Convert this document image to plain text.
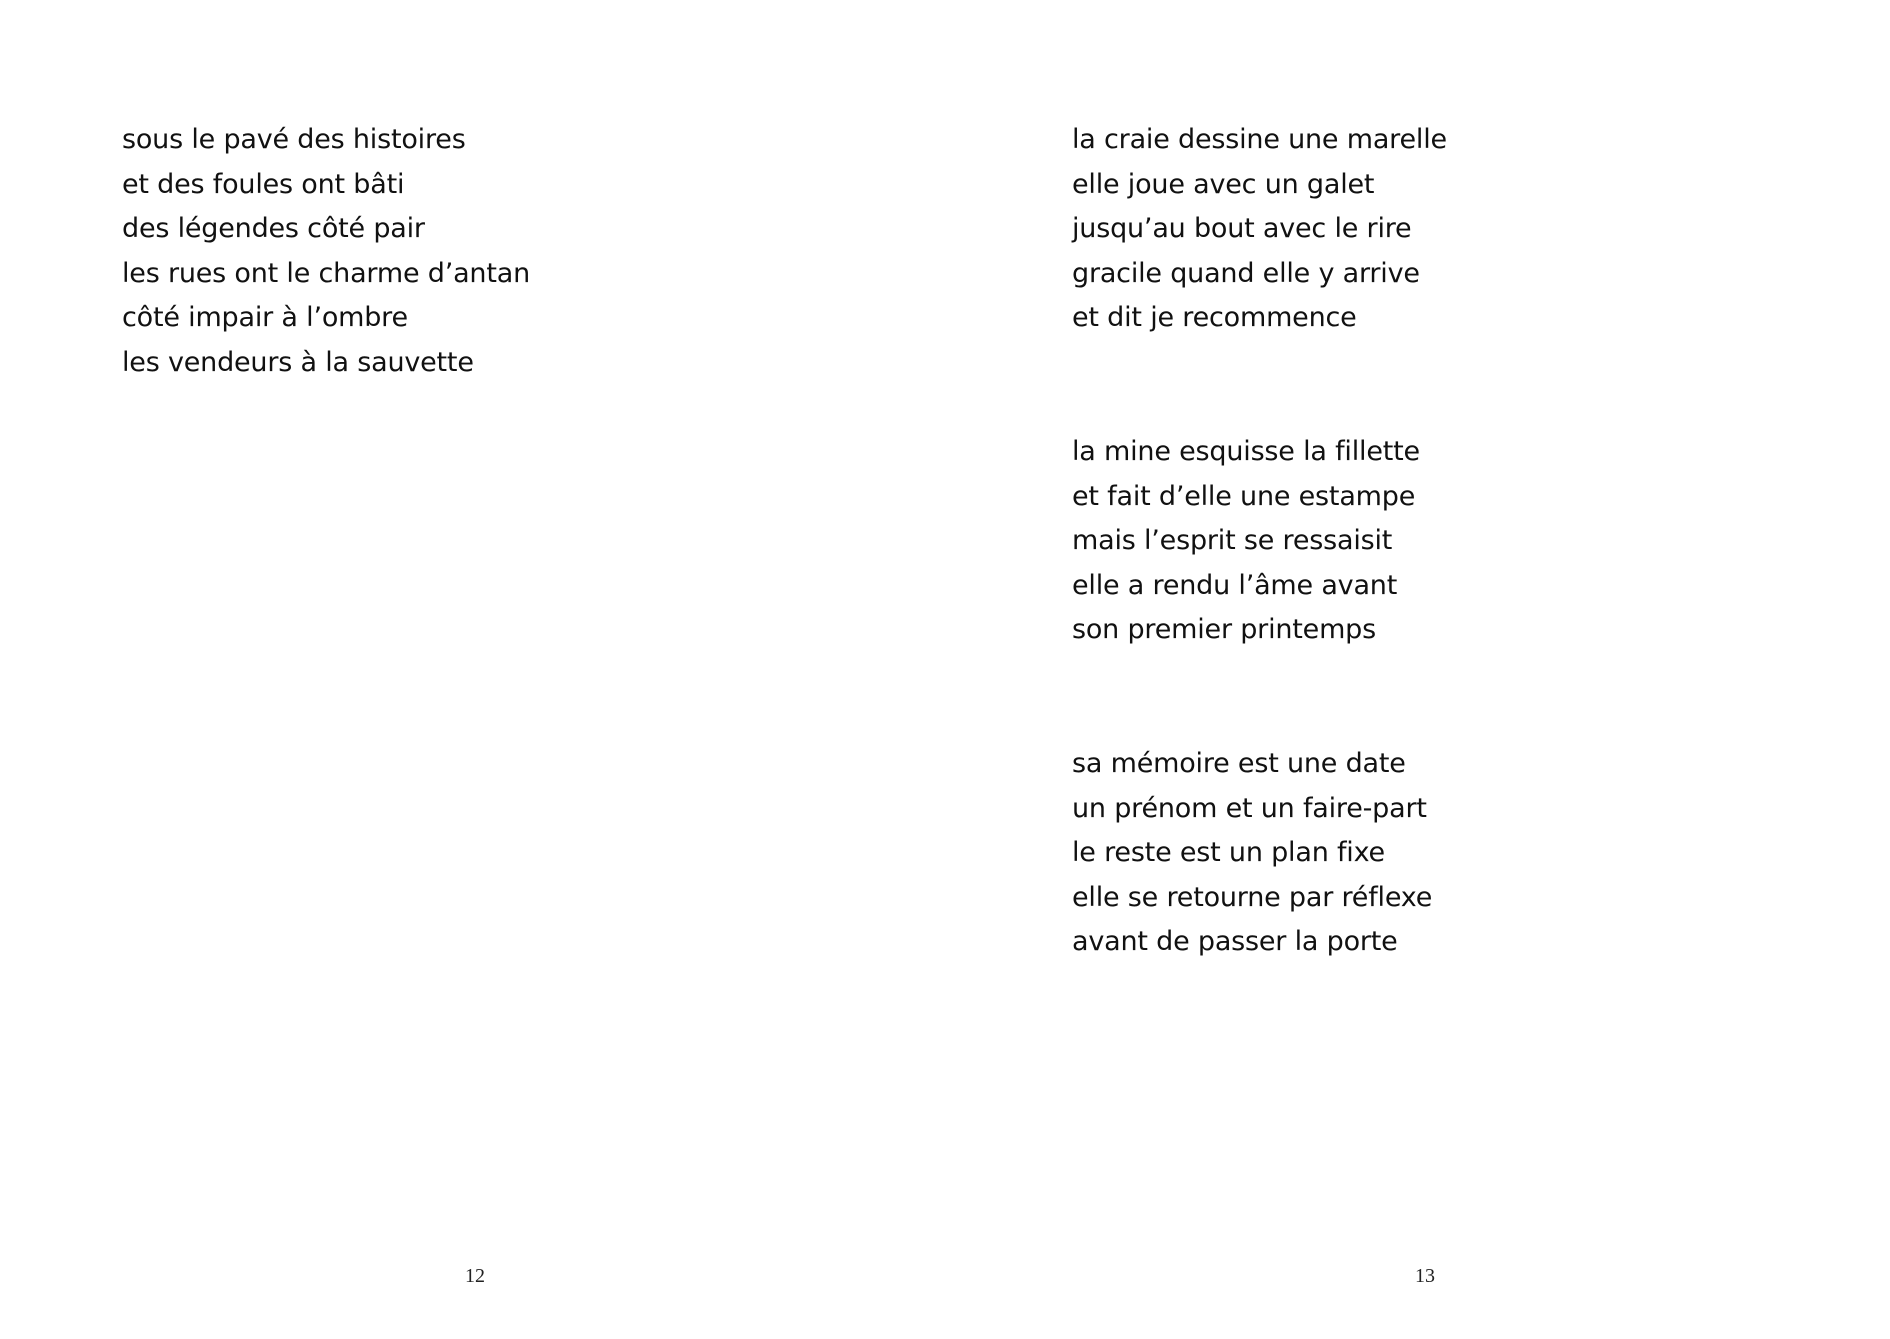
sous le pavé des histoires
et des foules ont bâti
des légendes côté pair
les rues ont le charme d’antan
côté impair à l’ombre
les vendeurs à la sauvette
12
la craie dessine une marelle
elle joue avec un galet
jusqu’au bout avec le rire
gracile quand elle y arrive
et dit je recommence
la mine esquisse la fillette
et fait d’elle une estampe
mais l’esprit se ressaisit
elle a rendu l’âme avant
son premier printemps
sa mémoire est une date
un prénom et un faire-part
le reste est un plan fixe
elle se retourne par réflexe
avant de passer la porte
13
